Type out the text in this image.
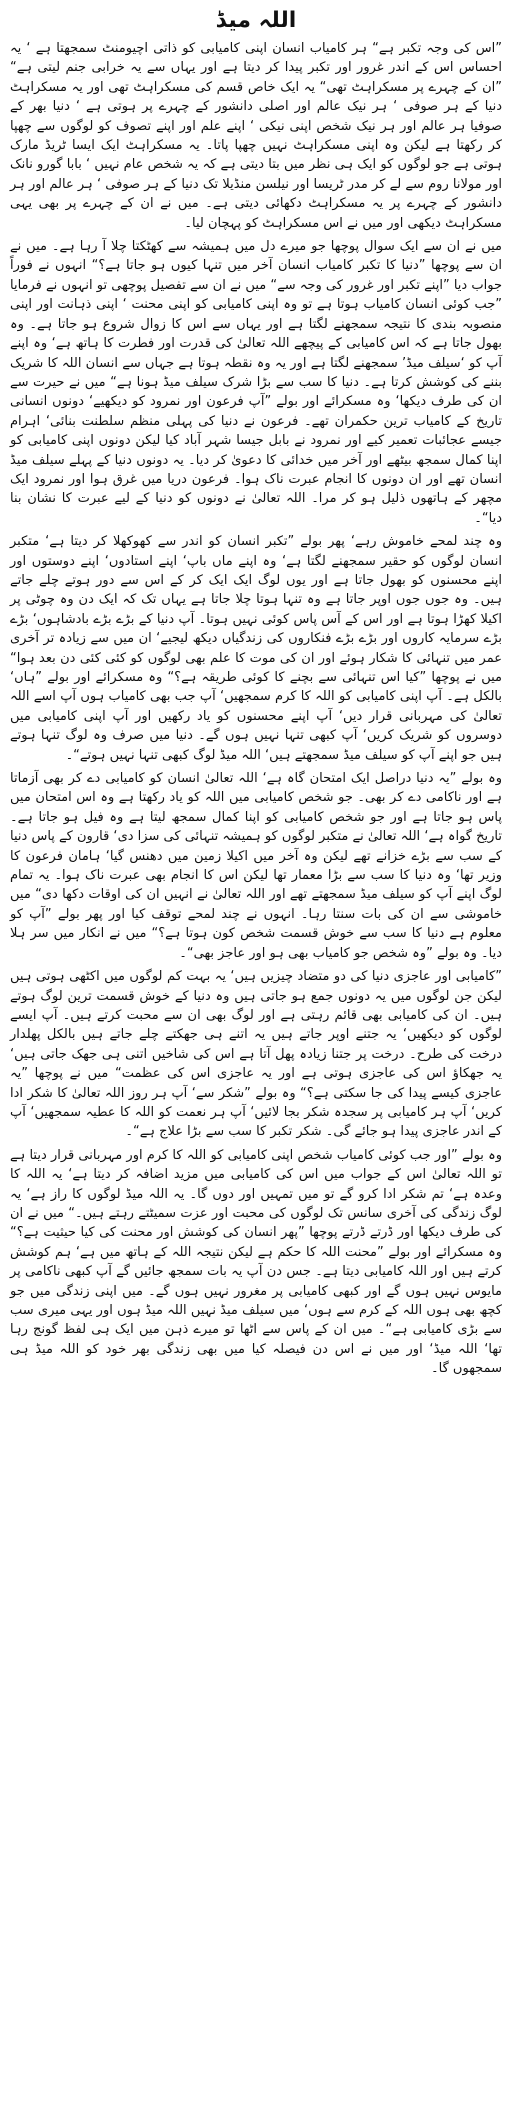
اللہ میڈ

”اس کی وجہ تکبر ہے“ ہر کامیاب انسان اپنی کامیابی کو ذاتی اچیومنٹ سمجھتا ہے ‘ یہ احساس اس کے اندر غرور اور تکبر پیدا کر دیتا ہے اور یہاں سے یہ خرابی جنم لیتی ہے“ ”ان کے چہرے پر مسکراہٹ تھی“ یہ ایک خاص قسم کی مسکراہٹ تھی اور یہ مسکراہٹ دنیا کے ہر صوفی ‘ ہر نیک عالم اور اصلی دانشور کے چہرے پر ہوتی ہے ‘ دنیا بھر کے صوفیا ہر عالم اور ہر نیک شخص اپنی نیکی ‘ اپنے علم اور اپنے تصوف کو لوگوں سے چھپا کر رکھتا ہے لیکن وہ اپنی مسکراہٹ نہیں چھپا پاتا۔ یہ مسکراہٹ ایک ایسا ٹریڈ مارک ہوتی ہے جو لوگوں کو ایک ہی نظر میں بتا دیتی ہے کہ یہ شخص عام نہیں ‘ بابا گورو نانک اور مولانا روم سے لے کر مدر ٹریسا اور نیلسن منڈیلا تک دنیا کے ہر صوفی ‘ ہر عالم اور ہر دانشور کے چہرے پر یہ مسکراہٹ دکھائی دیتی ہے۔ میں نے ان کے چہرے پر بھی یہی مسکراہٹ دیکھی اور میں نے اس مسکراہٹ کو پہچان لیا۔

میں نے ان سے ایک سوال پوچھا جو میرے دل میں ہمیشہ سے کھٹکتا چلا آ رہا ہے۔ میں نے ان سے پوچھا ”دنیا کا تکبر کامیاب انسان آخر میں تنہا کیوں ہو جاتا ہے؟“ انہوں نے فوراً جواب دیا ”اپنے تکبر اور غرور کی وجہ سے“ میں نے ان سے تفصیل پوچھی تو انہوں نے فرمایا ”جب کوئی انسان کامیاب ہوتا ہے تو وہ اپنی کامیابی کو اپنی محنت ‘ اپنی ذہانت اور اپنی منصوبہ بندی کا نتیجہ سمجھنے لگتا ہے اور یہاں سے اس کا زوال شروع ہو جاتا ہے۔ وہ بھول جاتا ہے کہ اس کامیابی کے پیچھے اللہ تعالیٰ کی قدرت اور فطرت کا ہاتھ ہے‘ وہ اپنے آپ کو ‘سیلف میڈ’ سمجھنے لگتا ہے اور یہ وہ نقطہ ہوتا ہے جہاں سے انسان اللہ کا شریک بننے کی کوشش کرتا ہے۔ دنیا کا سب سے بڑا شرک سیلف میڈ ہونا ہے“ میں نے حیرت سے ان کی طرف دیکھا‘ وہ مسکرائے اور بولے ”آپ فرعون اور نمرود کو دیکھیے‘ دونوں انسانی تاریخ کے کامیاب ترین حکمران تھے۔ فرعون نے دنیا کی پہلی منظم سلطنت بنائی‘ اہرام جیسے عجائبات تعمیر کیے اور نمرود نے بابل جیسا شہر آباد کیا لیکن دونوں اپنی کامیابی کو اپنا کمال سمجھ بیٹھے اور آخر میں خدائی کا دعویٰ کر دیا۔ یہ دونوں دنیا کے پہلے سیلف میڈ انسان تھے اور ان دونوں کا انجام عبرت ناک ہوا۔ فرعون دریا میں غرق ہوا اور نمرود ایک مچھر کے ہاتھوں ذلیل ہو کر مرا۔ اللہ تعالیٰ نے دونوں کو دنیا کے لیے عبرت کا نشان بنا دیا“۔

وہ چند لمحے خاموش رہے‘ پھر بولے ”تکبر انسان کو اندر سے کھوکھلا کر دیتا ہے‘ متکبر انسان لوگوں کو حقیر سمجھنے لگتا ہے‘ وہ اپنے ماں باپ‘ اپنے استادوں‘ اپنے دوستوں اور اپنے محسنوں کو بھول جاتا ہے اور یوں لوگ ایک ایک کر کے اس سے دور ہوتے چلے جاتے ہیں۔ وہ جوں جوں اوپر جاتا ہے وہ تنہا ہوتا چلا جاتا ہے یہاں تک کہ ایک دن وہ چوٹی پر اکیلا کھڑا ہوتا ہے اور اس کے آس پاس کوئی نہیں ہوتا۔ آپ دنیا کے بڑے بڑے بادشاہوں‘ بڑے بڑے سرمایہ کاروں اور بڑے بڑے فنکاروں کی زندگیاں دیکھ لیجیے‘ ان میں سے زیادہ تر آخری عمر میں تنہائی کا شکار ہوئے اور ان کی موت کا علم بھی لوگوں کو کئی کئی دن بعد ہوا“ میں نے پوچھا ”کیا اس تنہائی سے بچنے کا کوئی طریقہ ہے؟“ وہ مسکرائے اور بولے ”ہاں‘ بالکل ہے۔ آپ اپنی کامیابی کو اللہ کا کرم سمجھیں‘ آپ جب بھی کامیاب ہوں آپ اسے اللہ تعالیٰ کی مہربانی قرار دیں‘ آپ اپنے محسنوں کو یاد رکھیں اور آپ اپنی کامیابی میں دوسروں کو شریک کریں‘ آپ کبھی تنہا نہیں ہوں گے۔ دنیا میں صرف وہ لوگ تنہا ہوتے ہیں جو اپنے آپ کو سیلف میڈ سمجھتے ہیں‘ اللہ میڈ لوگ کبھی تنہا نہیں ہوتے“۔

وہ بولے ”یہ دنیا دراصل ایک امتحان گاہ ہے‘ اللہ تعالیٰ انسان کو کامیابی دے کر بھی آزماتا ہے اور ناکامی دے کر بھی۔ جو شخص کامیابی میں اللہ کو یاد رکھتا ہے وہ اس امتحان میں پاس ہو جاتا ہے اور جو شخص کامیابی کو اپنا کمال سمجھ لیتا ہے وہ فیل ہو جاتا ہے۔ تاریخ گواہ ہے‘ اللہ تعالیٰ نے متکبر لوگوں کو ہمیشہ تنہائی کی سزا دی‘ قارون کے پاس دنیا کے سب سے بڑے خزانے تھے لیکن وہ آخر میں اکیلا زمین میں دھنس گیا‘ ہامان فرعون کا وزیر تھا‘ وہ دنیا کا سب سے بڑا معمار تھا لیکن اس کا انجام بھی عبرت ناک ہوا۔ یہ تمام لوگ اپنے آپ کو سیلف میڈ سمجھتے تھے اور اللہ تعالیٰ نے انہیں ان کی اوقات دکھا دی“ میں خاموشی سے ان کی بات سنتا رہا۔ انہوں نے چند لمحے توقف کیا اور پھر بولے ”آپ کو معلوم ہے دنیا کا سب سے خوش قسمت شخص کون ہوتا ہے؟“ میں نے انکار میں سر ہلا دیا۔ وہ بولے ”وہ شخص جو کامیاب بھی ہو اور عاجز بھی“۔

”کامیابی اور عاجزی دنیا کی دو متضاد چیزیں ہیں‘ یہ بہت کم لوگوں میں اکٹھی ہوتی ہیں لیکن جن لوگوں میں یہ دونوں جمع ہو جاتی ہیں وہ دنیا کے خوش قسمت ترین لوگ ہوتے ہیں۔ ان کی کامیابی بھی قائم رہتی ہے اور لوگ بھی ان سے محبت کرتے ہیں۔ آپ ایسے لوگوں کو دیکھیں‘ یہ جتنے اوپر جاتے ہیں یہ اتنے ہی جھکتے چلے جاتے ہیں بالکل پھلدار درخت کی طرح۔ درخت پر جتنا زیادہ پھل آتا ہے اس کی شاخیں اتنی ہی جھک جاتی ہیں‘ یہ جھکاؤ اس کی عاجزی ہوتی ہے اور یہ عاجزی اس کی عظمت“ میں نے پوچھا ”یہ عاجزی کیسے پیدا کی جا سکتی ہے؟“ وہ بولے ”شکر سے‘ آپ ہر روز اللہ تعالیٰ کا شکر ادا کریں‘ آپ ہر کامیابی پر سجدہ شکر بجا لائیں‘ آپ ہر نعمت کو اللہ کا عطیہ سمجھیں‘ آپ کے اندر عاجزی پیدا ہو جائے گی۔ شکر تکبر کا سب سے بڑا علاج ہے“۔

وہ بولے ”اور جب کوئی کامیاب شخص اپنی کامیابی کو اللہ کا کرم اور مہربانی قرار دیتا ہے تو اللہ تعالیٰ اس کے جواب میں اس کی کامیابی میں مزید اضافہ کر دیتا ہے‘ یہ اللہ کا وعدہ ہے‘ تم شکر ادا کرو گے تو میں تمہیں اور دوں گا۔ یہ اللہ میڈ لوگوں کا راز ہے‘ یہ لوگ زندگی کی آخری سانس تک لوگوں کی محبت اور عزت سمیٹتے رہتے ہیں۔“ میں نے ان کی طرف دیکھا اور ڈرتے ڈرتے پوچھا ”پھر انسان کی کوشش اور محنت کی کیا حیثیت ہے؟“ وہ مسکرائے اور بولے ”محنت اللہ کا حکم ہے لیکن نتیجہ اللہ کے ہاتھ میں ہے‘ ہم کوشش کرتے ہیں اور اللہ کامیابی دیتا ہے۔ جس دن آپ یہ بات سمجھ جائیں گے آپ کبھی ناکامی پر مایوس نہیں ہوں گے اور کبھی کامیابی پر مغرور نہیں ہوں گے۔ میں اپنی زندگی میں جو کچھ بھی ہوں اللہ کے کرم سے ہوں‘ میں سیلف میڈ نہیں اللہ میڈ ہوں اور یہی میری سب سے بڑی کامیابی ہے“۔ میں ان کے پاس سے اٹھا تو میرے ذہن میں ایک ہی لفظ گونج رہا تھا‘ اللہ میڈ‘ اور میں نے اس دن فیصلہ کیا میں بھی زندگی بھر خود کو اللہ میڈ ہی سمجھوں گا۔
